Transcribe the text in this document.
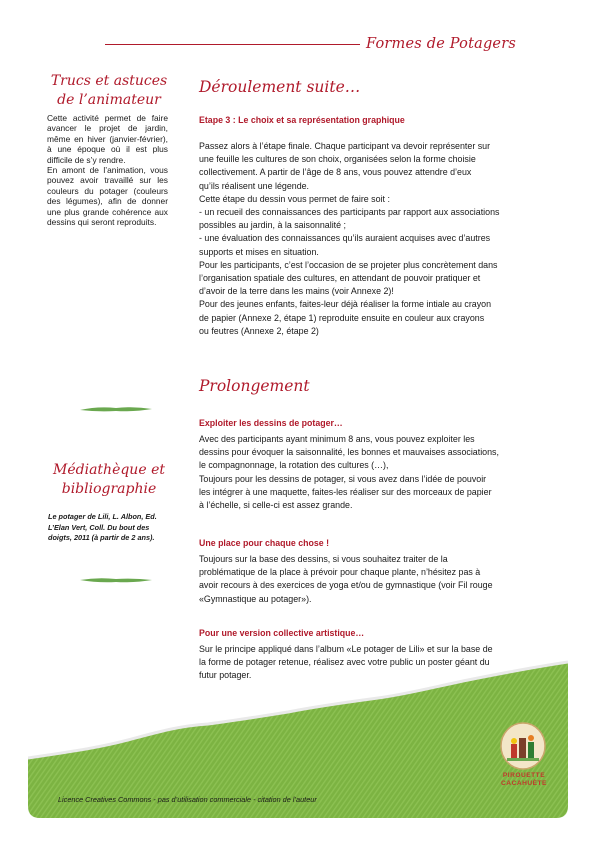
Formes de Potagers
Trucs et astuces
de l’animateur

Cette activité permet de faire avancer le projet de jardin, même en hiver (janvier-février), à une époque où il est plus difficile de s’y rendre.

En amont de l’animation, vous pouvez avoir travaillé sur les couleurs du potager (couleurs des légumes), afin de donner une plus grande cohérence aux dessins qui seront reproduits.

Médiathèque et
bibliographie
Le potager de Lili, L. Albon, Ed. L’Elan Vert, Coll. Du bout des doigts, 2011 (à partir de 2 ans).
Déroulement suite…
Etape 3 : Le choix et sa représentation graphique

Passez alors à l’étape finale. Chaque participant va devoir représenter sur

une feuille les cultures de son choix, organisées selon la forme choisie

collectivement. A partir de l’âge de 8 ans, vous pouvez attendre d’eux

qu’ils réalisent une légende.

Cette étape du dessin vous permet de faire soit :

- un recueil des connaissances des participants par rapport aux associations

possibles au jardin, à la saisonnalité ;

- une évaluation des connaissances qu’ils auraient acquises avec d’autres

supports et mises en situation.

Pour les participants, c’est l’occasion de se projeter plus concrètement dans

l’organisation spatiale des cultures, en attendant de pouvoir pratiquer et

d’avoir de la terre dans les mains (voir Annexe 2)!

Pour des jeunes enfants, faites-leur déjà réaliser la forme intiale au crayon

de papier (Annexe 2, étape 1) reproduite ensuite en couleur aux crayons

ou feutres (Annexe 2, étape 2)

Prolongement
Exploiter les dessins de potager…

Avec des participants ayant minimum 8 ans, vous pouvez exploiter les

dessins pour évoquer la saisonnalité, les bonnes et mauvaises associations,

le compagnonnage, la rotation des cultures (…),

Toujours pour les dessins de potager, si vous avez dans l’idée de pouvoir

les intégrer à une maquette, faites-les réaliser sur des morceaux de papier

à l’échelle, si celle-ci est assez grande.

Une place pour chaque chose !

Toujours sur la base des dessins, si vous souhaitez traiter de la

problématique de la place à prévoir pour chaque plante, n’hésitez pas à

avoir recours à des exercices de yoga et/ou de gymnastique (voir Fil rouge

«Gymnastique au potager»).

Pour une version collective artistique…

Sur le principe appliqué dans l’album «Le potager de Lili» et sur la base de

la forme de potager retenue, réalisez avec votre public un poster géant du

futur potager.

PIROUETTE
CACAHUÈTE
Licence Creatives Commons - pas d’utilisation commerciale - citation de l’auteur
